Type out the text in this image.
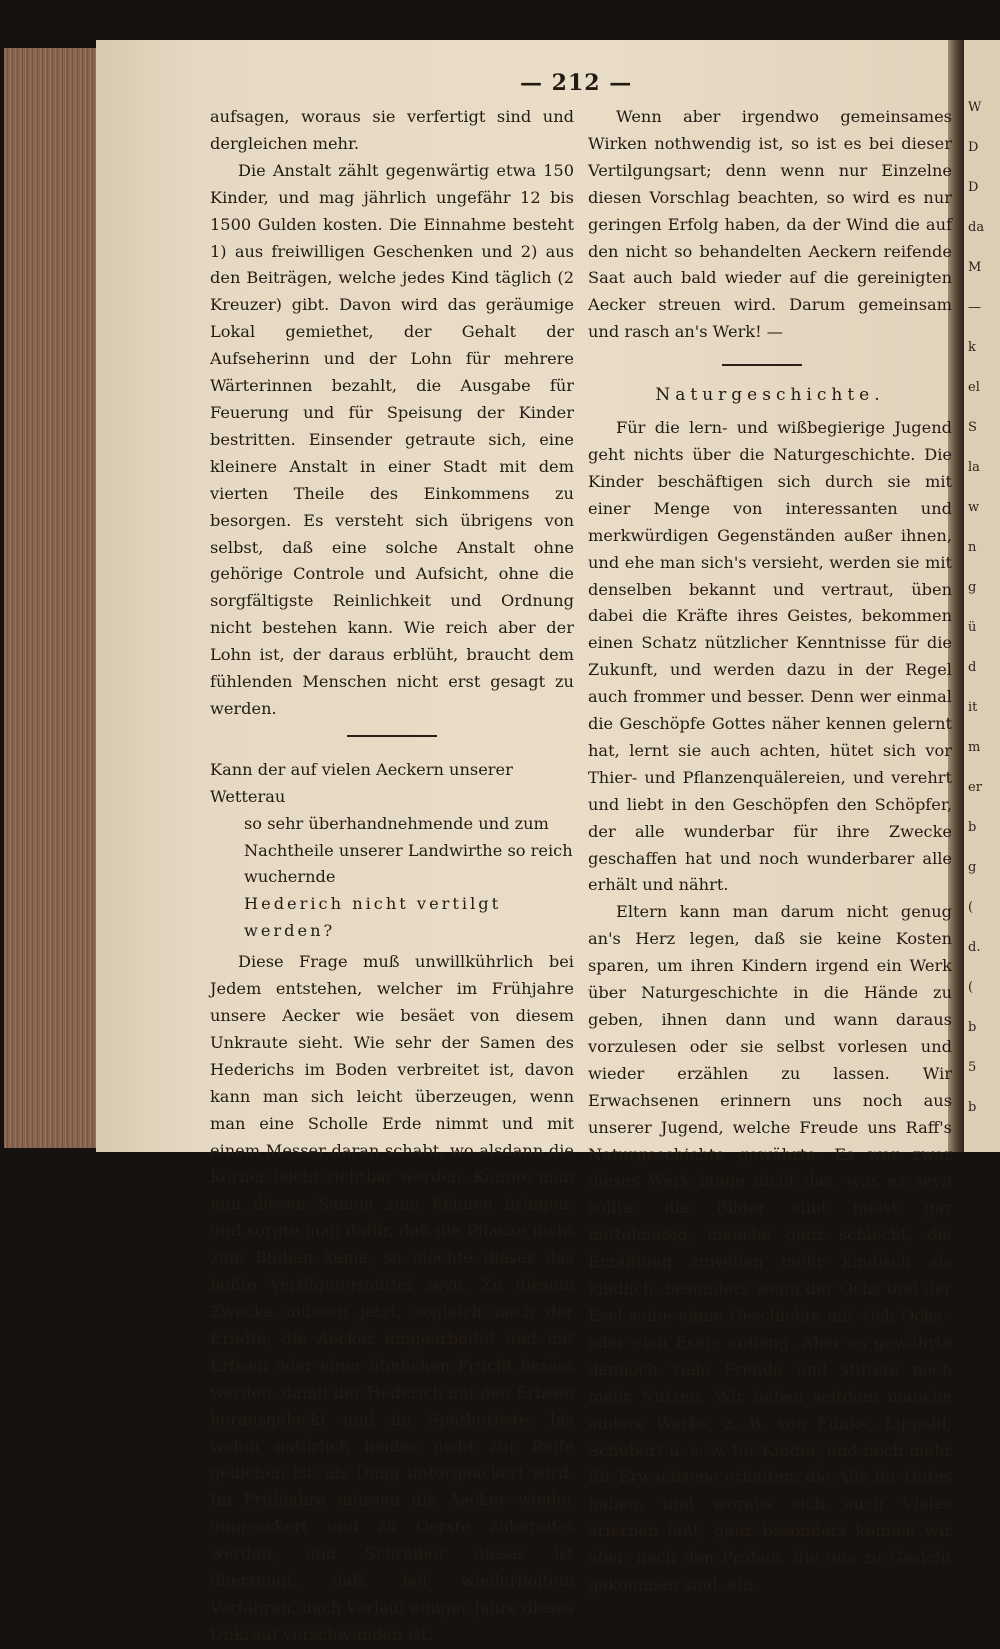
W
D
D
da
M
—
k
el
S
la
w
n
g
ü
d
it
m
er
b
g
(
d.
(
b
5
b
— 212 —

aufsagen, woraus sie verfertigt sind und dergleichen mehr.

Die Anstalt zählt gegenwärtig etwa 150 Kinder, und mag jährlich ungefähr 12 bis 1500 Gulden kosten. Die Einnahme besteht 1) aus freiwilligen Geschenken und 2) aus den Beiträgen, welche jedes Kind täglich (2 Kreuzer) gibt. Davon wird das geräumige Lokal gemiethet, der Gehalt der Aufseherinn und der Lohn für mehrere Wärterinnen bezahlt, die Ausgabe für Feuerung und für Speisung der Kinder bestritten. Einsender getraute sich, eine kleinere Anstalt in einer Stadt mit dem vierten Theile des Einkommens zu besorgen. Es versteht sich übrigens von selbst, daß eine solche Anstalt ohne gehörige Controle und Aufsicht, ohne die sorgfältigste Reinlichkeit und Ordnung nicht bestehen kann. Wie reich aber der Lohn ist, der daraus erblüht, braucht dem fühlenden Menschen nicht erst gesagt zu werden.

Kann der auf vielen Aeckern unserer Wetterau
so sehr überhandnehmende und zum Nachtheile unserer Landwirthe so reich wuchernde
Hederich nicht vertilgt werden?

Diese Frage muß unwillkührlich bei Jedem entstehen, welcher im Frühjahre unsere Aecker wie besäet von diesem Unkraute sieht. Wie sehr der Samen des Hederichs im Boden verbreitet ist, davon kann man sich leicht überzeugen, wenn man eine Scholle Erde nimmt und mit einem Messer daran schabt, wo alsdann die Körner leicht sichtbar werden. Könnte man nun diesen Samen zum Keimen bringen, und sorgte man dafür, daß die Pflanze nicht zum Blühen käme, so möchte dieses das beßte Vertilgungsmittel seyn. Zu diesem Zwecke müssen jetzt, sogleich nach der Erndte, die Aecker umgearbeitet und mit Erbsen oder einer ähnlichen Frucht besäet werden, damit der Hederich mit den Erbsen herausgelockt und im Spätherbste, bis wohin natürlich beides nicht zur Reife gediehen ist, als Dung untergeackert wird. Im Frühjahre müssen die Aecker wieder umgeackert und zu Gerste zubereitet werden, und Schreiber dieses ist überzeugt, daß, bei wiederholtem Verfahren, nach Verlauf einiger Jahre dieses Unkraut verschwunden ist.

Wenn aber irgendwo gemeinsames Wirken nothwendig ist, so ist es bei dieser Vertilgungsart; denn wenn nur Einzelne diesen Vorschlag beachten, so wird es nur geringen Erfolg haben, da der Wind die auf den nicht so behandelten Aeckern reifende Saat auch bald wieder auf die gereinigten Aecker streuen wird. Darum gemeinsam und rasch an's Werk! —

Naturgeschichte.

Für die lern- und wißbegierige Jugend geht nichts über die Naturgeschichte. Die Kinder beschäftigen sich durch sie mit einer Menge von interessanten und merkwürdigen Gegenständen außer ihnen, und ehe man sich's versieht, werden sie mit denselben bekannt und vertraut, üben dabei die Kräfte ihres Geistes, bekommen einen Schatz nützlicher Kenntnisse für die Zukunft, und werden dazu in der Regel auch frommer und besser. Denn wer einmal die Geschöpfe Gottes näher kennen gelernt hat, lernt sie auch achten, hütet sich vor Thier- und Pflanzenquälereien, und verehrt und liebt in den Geschöpfen den Schöpfer, der alle wunderbar für ihre Zwecke geschaffen hat und noch wunderbarer alle erhält und nährt.

Eltern kann man darum nicht genug an's Herz legen, daß sie keine Kosten sparen, um ihren Kindern irgend ein Werk über Naturgeschichte in die Hände zu geben, ihnen dann und wann daraus vorzulesen oder sie selbst vorlesen und wieder erzählen zu lassen. Wir Erwachsenen erinnern uns noch aus unserer Jugend, welche Freude uns Raff's Naturgeschichte gewährte. Es war zwar dieses Werk lange nicht das, was es seyn sollte; die Bilder sind meist gar mittelmäßig, manche ganz schlecht, die Erzählung zuweilen mehr kindisch als kindlich, besonders wenn der Ochs und der Esel seine eigne Geschichte mit »ich Ochs« oder »ich Esel« anfieng. Aber es gewährte dennoch viele Freude und stiftete noch mehr Nutzen. Wir haben seitdem manche andere Werke, z. B. von Funke, Lippold, Schubert u. s. w. für Kinder, und noch mehr für Erwachsene erhalten, die Alle ihr Gutes haben, und woraus sich auch Vieles erlernen läßt; ganz besonders können wir aber, nach den Proben, die uns zu Gesicht gekommen sind, ein
